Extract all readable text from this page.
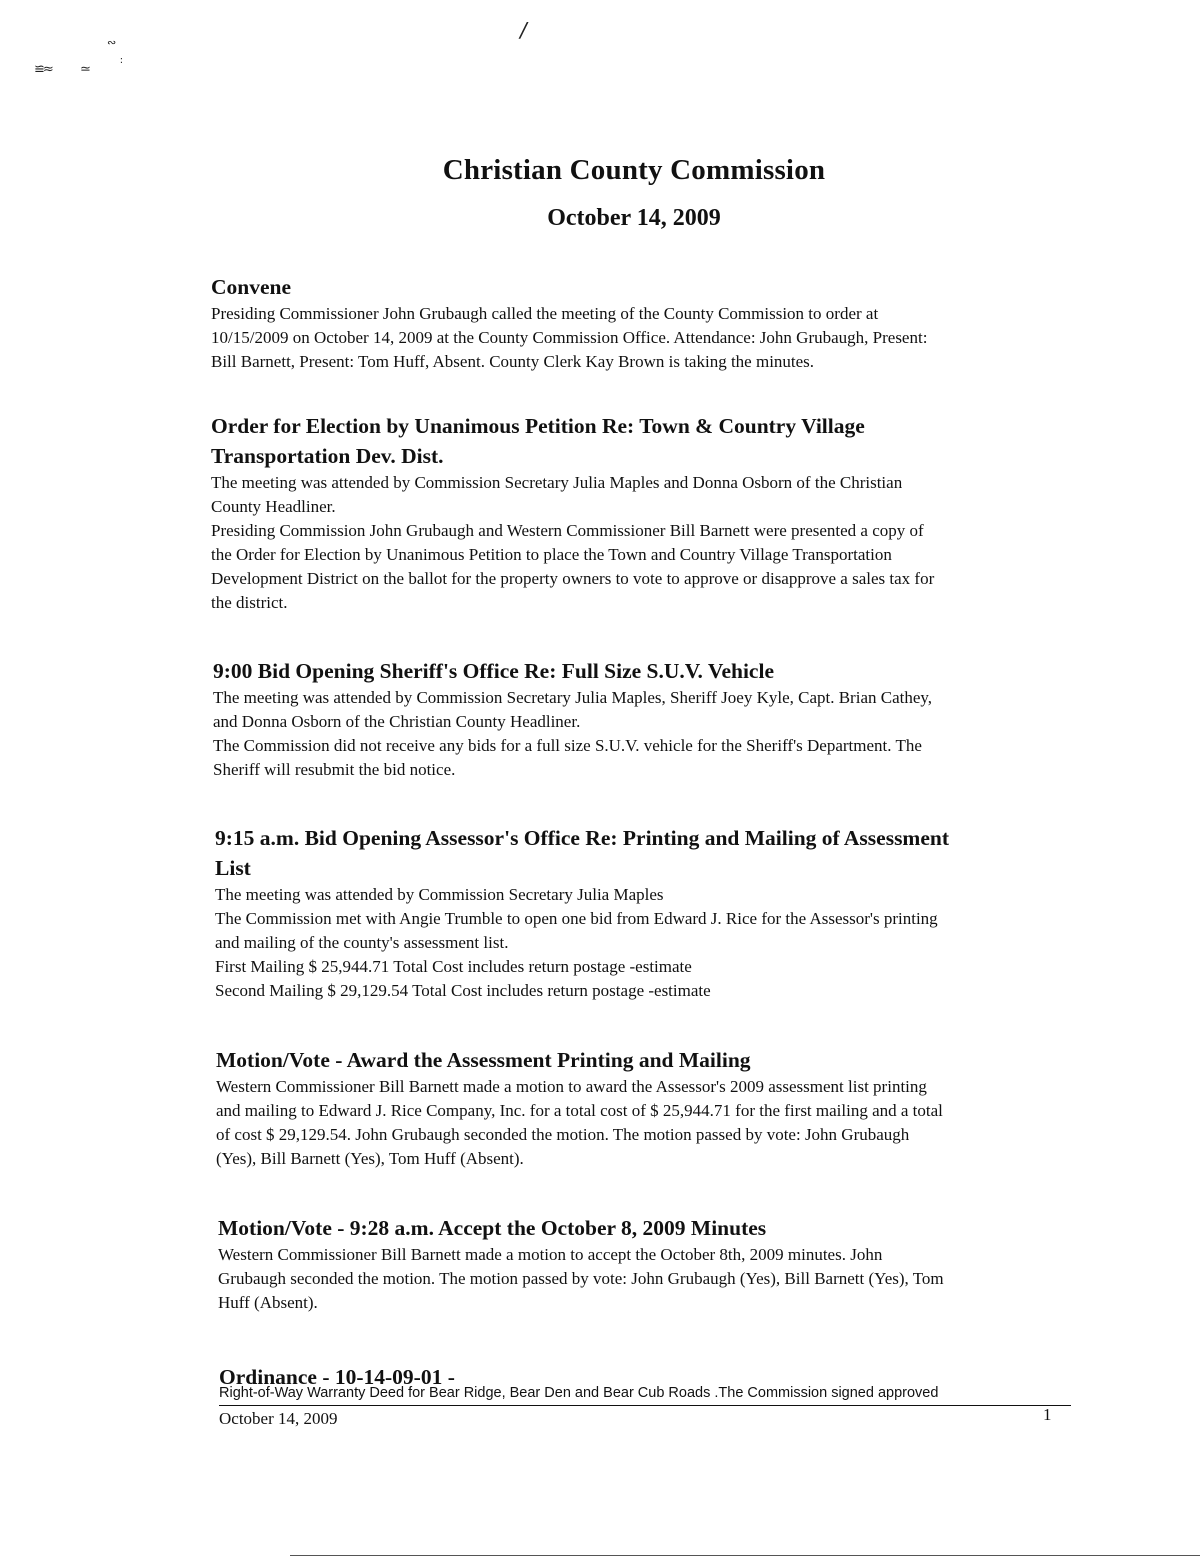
∾
≌≈ ≃
∶
/
Christian County Commission
October 14, 2009
Convene

Presiding Commissioner John Grubaugh called the meeting of the County Commission to order at

10/15/2009 on October 14, 2009 at the County Commission Office. Attendance: John Grubaugh, Present:

Bill Barnett, Present: Tom Huff, Absent. County Clerk Kay Brown is taking the minutes.

Order for Election by Unanimous Petition Re: Town & Country Village
Transportation Dev. Dist.

The meeting was attended by Commission Secretary Julia Maples and Donna Osborn of the Christian

County Headliner.

Presiding Commission John Grubaugh and Western Commissioner Bill Barnett were presented a copy of

the Order for Election by Unanimous Petition to place the Town and Country Village Transportation

Development District on the ballot for the property owners to vote to approve or disapprove a sales tax for

the district.

9:00 Bid Opening Sheriff's Office Re: Full Size S.U.V. Vehicle

The meeting was attended by Commission Secretary Julia Maples, Sheriff Joey Kyle, Capt. Brian Cathey,

and Donna Osborn of the Christian County Headliner.

The Commission did not receive any bids for a full size S.U.V. vehicle for the Sheriff's Department. The

Sheriff will resubmit the bid notice.

9:15 a.m. Bid Opening Assessor's Office Re: Printing and Mailing of Assessment
List

The meeting was attended by Commission Secretary Julia Maples

The Commission met with Angie Trumble to open one bid from Edward J. Rice for the Assessor's printing

and mailing of the county's assessment list.

First Mailing $ 25,944.71 Total Cost includes return postage -estimate

Second Mailing $ 29,129.54 Total Cost includes return postage -estimate

Motion/Vote - Award the Assessment Printing and Mailing

Western Commissioner Bill Barnett made a motion to award the Assessor's 2009 assessment list printing

and mailing to Edward J. Rice Company, Inc. for a total cost of $ 25,944.71 for the first mailing and a total

of cost $ 29,129.54. John Grubaugh seconded the motion. The motion passed by vote: John Grubaugh

(Yes), Bill Barnett (Yes), Tom Huff (Absent).

Motion/Vote - 9:28 a.m. Accept the October 8, 2009 Minutes

Western Commissioner Bill Barnett made a motion to accept the October 8th, 2009 minutes. John

Grubaugh seconded the motion. The motion passed by vote: John Grubaugh (Yes), Bill Barnett (Yes), Tom

Huff (Absent).

Ordinance - 10-14-09-01 -
Right-of-Way Warranty Deed for Bear Ridge, Bear Den and Bear Cub Roads .The Commission signed approved
October 14, 2009	1
